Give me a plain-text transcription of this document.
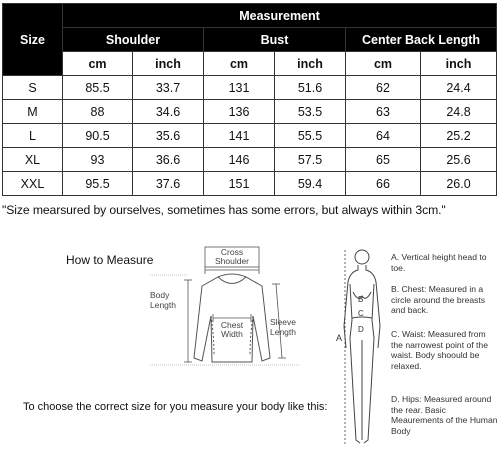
Size	Measurement					
	Shoulder		Bust		Center Back Length	
	cm	inch	cm	inch	cm	inch
S	85.5	33.7	131	51.6	62	24.4
M	88	34.6	136	53.5	63	24.8
L	90.5	35.6	141	55.5	64	25.2
XL	93	36.6	146	57.5	65	25.6
XXL	95.5	37.6	151	59.4	66	26.0
"Size mearsured by ourselves, sometimes has some errors, but always within 3cm."
How to Measure
Cross
Shoulder
Body
Length
Chest
Width
Sleeve
Length
A
B
C
D
To choose the correct size for you measure your body like this:
A. Vertical height head to toe.
B. Chest: Measured in a circle around the breasts and back.
C. Waist: Measured from the narrowest point of the waist. Body shoould be relaxed.
D. Hips: Measured around the rear. Basic Meaurements of the Human Body
